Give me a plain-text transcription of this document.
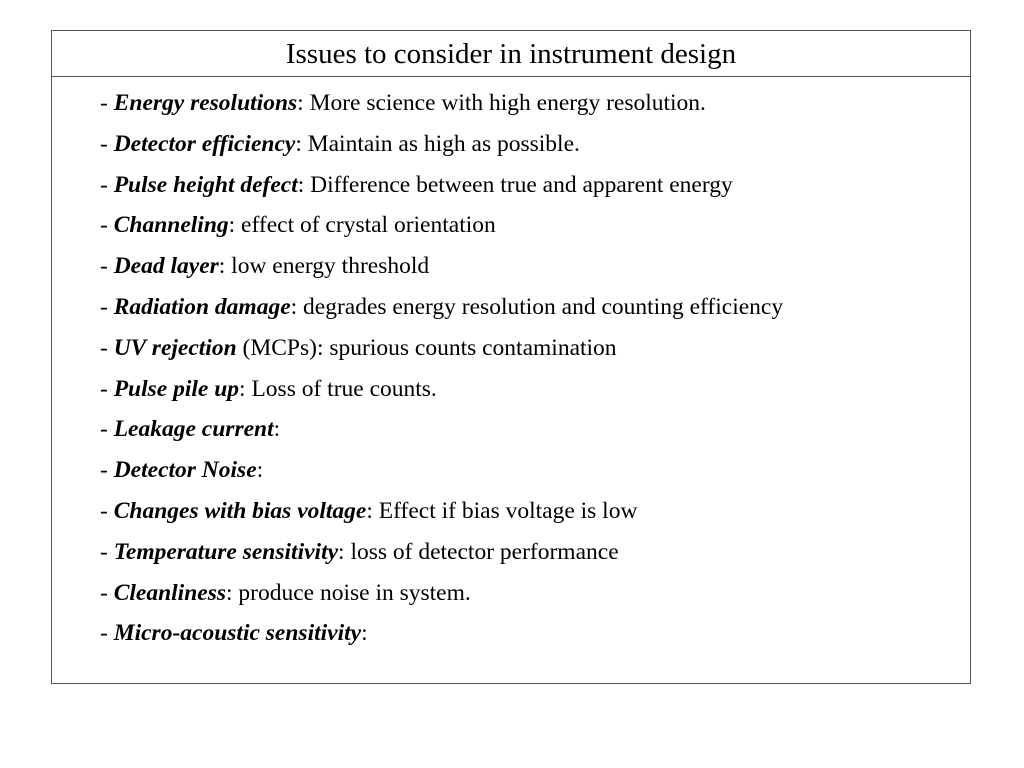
Issues to consider in instrument design
- Energy resolutions: More science with high energy resolution.
- Detector efficiency: Maintain as high as possible.
- Pulse height defect: Difference between true and apparent energy
- Channeling: effect of crystal orientation
- Dead layer: low energy threshold
- Radiation damage: degrades energy resolution and counting efficiency
- UV rejection (MCPs): spurious counts contamination
- Pulse pile up: Loss of true counts.
- Leakage current:
- Detector Noise:
- Changes with bias voltage: Effect if bias voltage is low
- Temperature sensitivity: loss of detector performance
- Cleanliness: produce noise in system.
- Micro-acoustic sensitivity:
